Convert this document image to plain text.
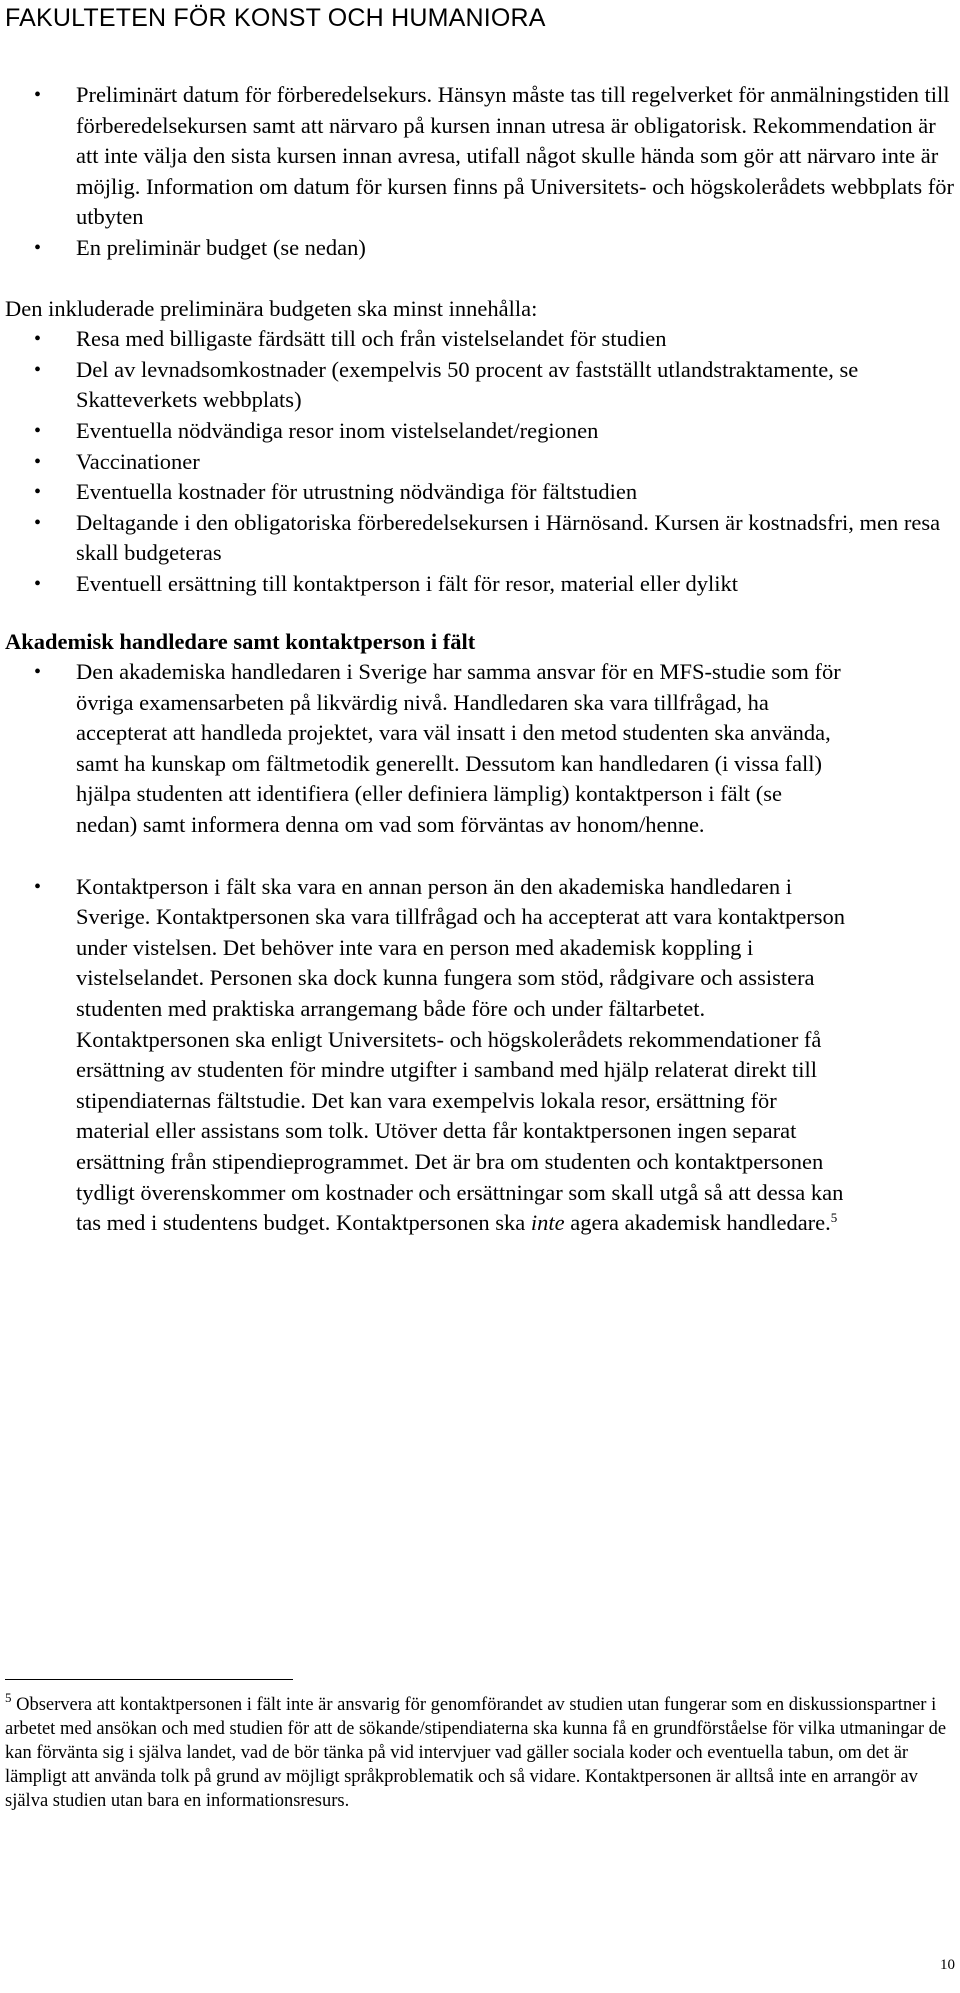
FAKULTETEN FÖR KONST OCH HUMANIORA
• Preliminärt datum för förberedelsekurs. Hänsyn måste tas till regelverket för anmälningstiden till förberedelsekursen samt att närvaro på kursen innan utresa är obligatorisk. Rekommendation är att inte välja den sista kursen innan avresa, utifall något skulle hända som gör att närvaro inte är möjlig. Information om datum för kursen finns på Universitets- och högskolerådets webbplats för utbyten
• En preliminär budget (se nedan)

Den inkluderade preliminära budgeten ska minst innehålla:

• Resa med billigaste färdsätt till och från vistelselandet för studien
• Del av levnadsomkostnader (exempelvis 50 procent av fastställt utlandstraktamente, se Skatteverkets webbplats)
• Eventuella nödvändiga resor inom vistelselandet/regionen
• Vaccinationer
• Eventuella kostnader för utrustning nödvändiga för fältstudien
• Deltagande i den obligatoriska förberedelsekursen i Härnösand. Kursen är kostnadsfri, men resa skall budgeteras
• Eventuell ersättning till kontaktperson i fält för resor, material eller dylikt

Akademisk handledare samt kontaktperson i fält

• Den akademiska handledaren i Sverige har samma ansvar för en MFS-studie som för övriga examensarbeten på likvärdig nivå. Handledaren ska vara tillfrågad, ha accepterat att handleda projektet, vara väl insatt i den metod studenten ska använda, samt ha kunskap om fältmetodik generellt. Dessutom kan handledaren (i vissa fall) hjälpa studenten att identifiera (eller definiera lämplig) kontaktperson i fält (se nedan) samt informera denna om vad som förväntas av honom/henne.
• Kontaktperson i fält ska vara en annan person än den akademiska handledaren i Sverige. Kontaktpersonen ska vara tillfrågad och ha accepterat att vara kontaktperson under vistelsen. Det behöver inte vara en person med akademisk koppling i vistelselandet. Personen ska dock kunna fungera som stöd, rådgivare och assistera studenten med praktiska arrangemang både före och under fältarbetet. Kontaktpersonen ska enligt Universitets- och högskolerådets rekommendationer få ersättning av studenten för mindre utgifter i samband med hjälp relaterat direkt till stipendiaternas fältstudie. Det kan vara exempelvis lokala resor, ersättning för material eller assistans som tolk. Utöver detta får kontaktpersonen ingen separat ersättning från stipendieprogrammet. Det är bra om studenten och kontaktpersonen tydligt överenskommer om kostnader och ersättningar som skall utgå så att dessa kan tas med i studentens budget. Kontaktpersonen ska inte agera akademisk handledare.$^5$
$^5$ Observera att kontaktpersonen i fält inte är ansvarig för genomförandet av studien utan fungerar som en diskussionspartner i arbetet med ansökan och med studien för att de sökande/stipendiaterna ska kunna få en grundförståelse för vilka utmaningar de kan förvänta sig i själva landet, vad de bör tänka på vid intervjuer vad gäller sociala koder och eventuella tabun, om det är lämpligt att använda tolk på grund av möjligt språkproblematik och så vidare. Kontaktpersonen är alltså inte en arrangör av själva studien utan bara en informationsresurs.
10
